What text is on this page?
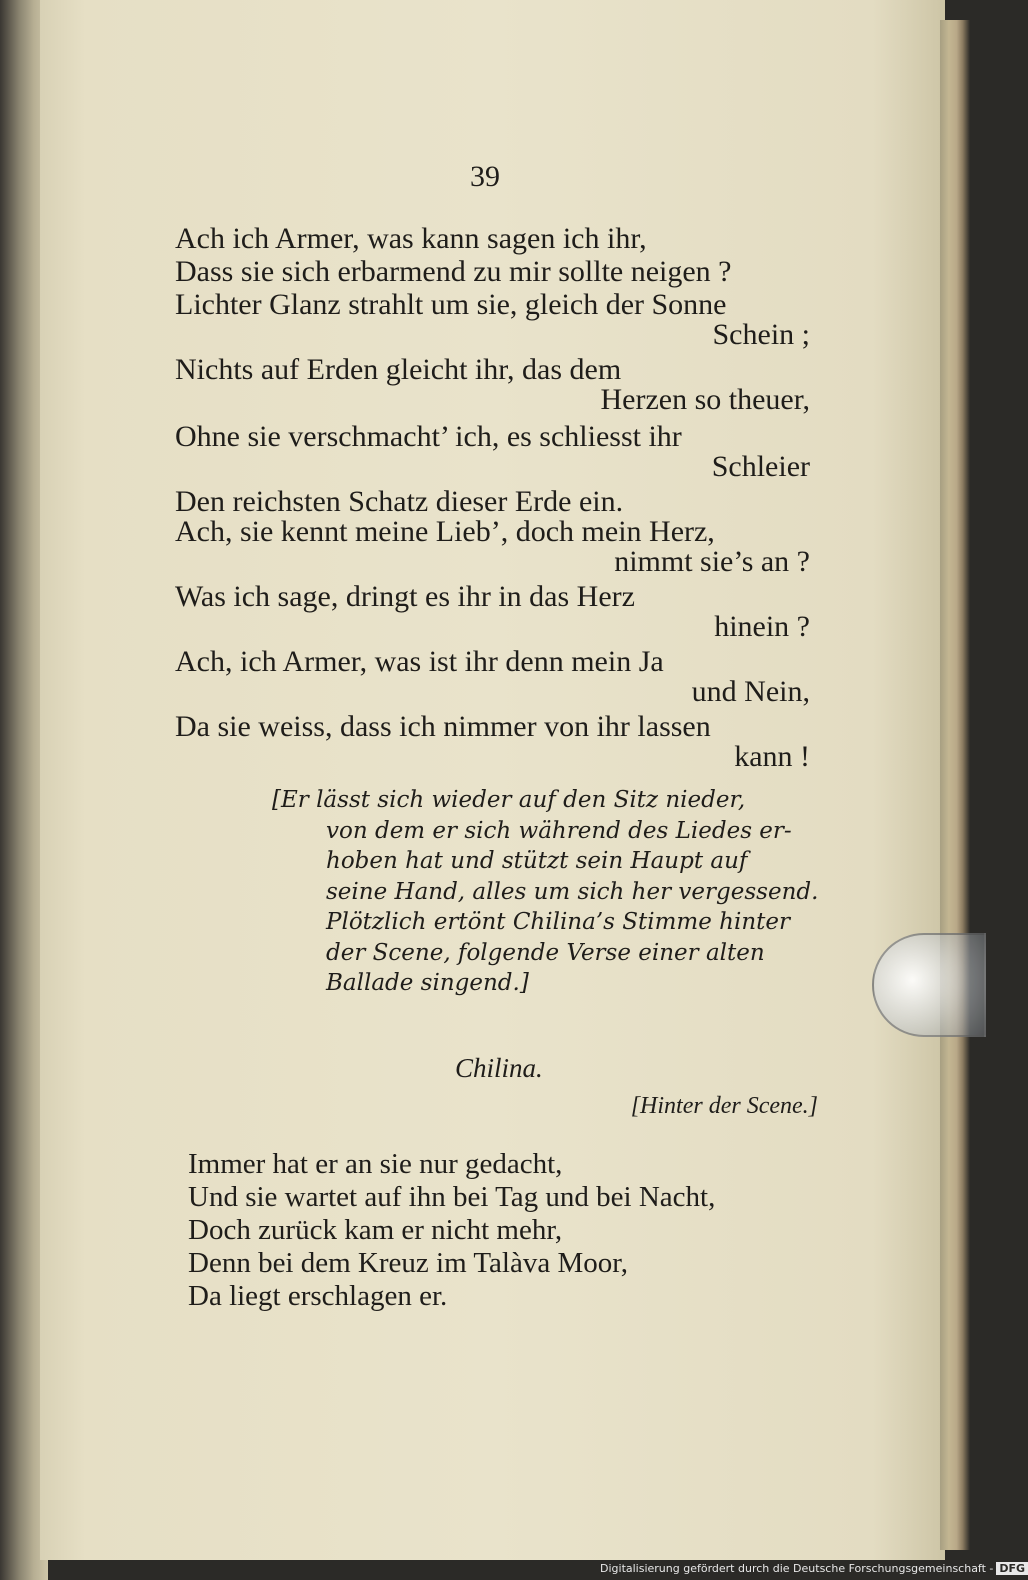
39
Ach ich Armer, was kann sagen ich ihr,
Dass sie sich erbarmend zu mir sollte neigen ?
Lichter Glanz strahlt um sie, gleich der Sonne
Schein ;
Nichts auf Erden gleicht ihr, das dem
Herzen so theuer,
Ohne sie verschmacht’ ich, es schliesst ihr
Schleier
Den reichsten Schatz dieser Erde ein.
Ach, sie kennt meine Lieb’, doch mein Herz,
nimmt sie’s an ?
Was ich sage, dringt es ihr in das Herz
hinein ?
Ach, ich Armer, was ist ihr denn mein Ja
und Nein,
Da sie weiss, dass ich nimmer von ihr lassen
kann !
[Er lässt sich wieder auf den Sitz nieder,
von dem er sich während des Liedes er-
hoben hat und stützt sein Haupt auf
seine Hand, alles um sich her vergessend.
Plötzlich ertönt Chilina’s Stimme hinter
der Scene, folgende Verse einer alten
Ballade singend.]
Chilina.
[Hinter der Scene.]
Immer hat er an sie nur gedacht,
Und sie wartet auf ihn bei Tag und bei Nacht,
Doch zurück kam er nicht mehr,
Denn bei dem Kreuz im Talàva Moor,
Da liegt erschlagen er.
Digitalisierung gefördert durch die Deutsche Forschungsgemeinschaft - DFG
